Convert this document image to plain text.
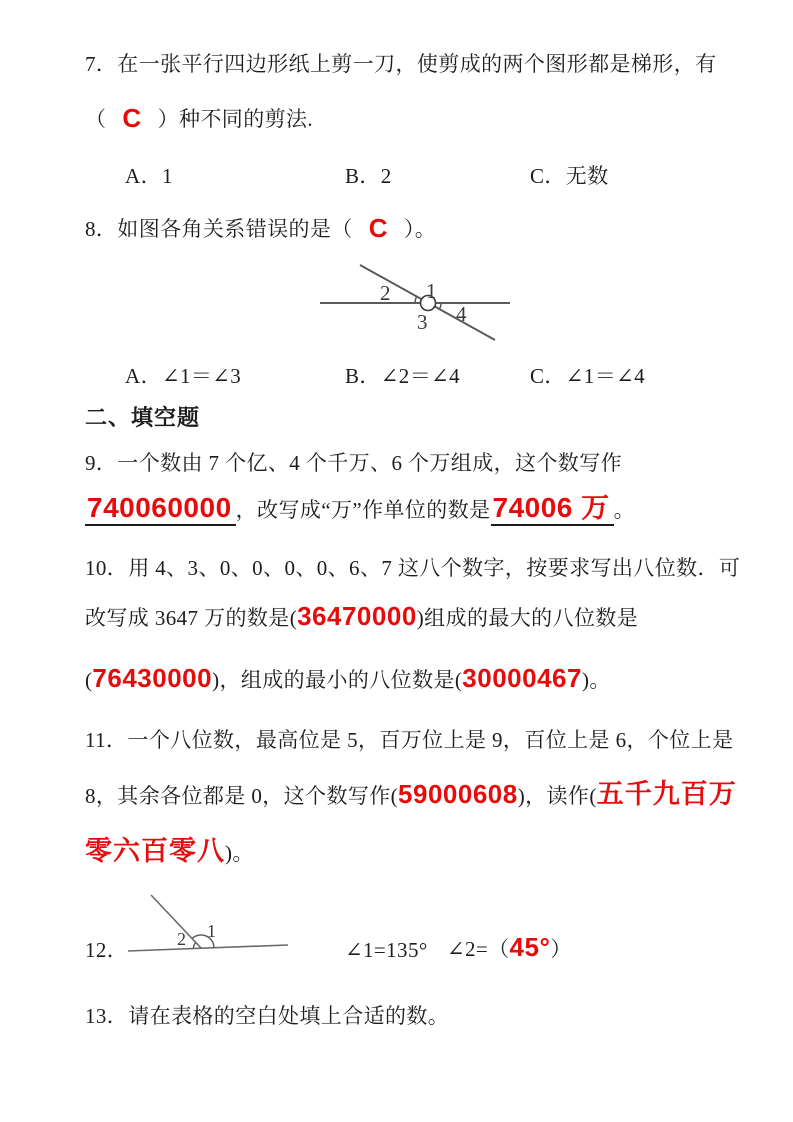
7．在一张平行四边形纸上剪一刀，使剪成的两个图形都是梯形，有
（ C ）种不同的剪法.
A．1	B．2	C．无数
8．如图各角关系错误的是（ C ）。
1
2
3 4
A．∠1＝∠3	B．∠2＝∠4	C．∠1＝∠4
二、填空题
9．一个数由 7 个亿、4 个千万、6 个万组成，这个数写作
740060000 ，改写成“万”作单位的数是74006 万 。
10．用 4、3、0、0、0、0、6、7 这八个数字，按要求写出八位数．可
改写成 3647 万的数是(36470000)组成的最大的八位数是
(76430000)，组成的最小的八位数是(30000467)。
11．一个八位数，最高位是 5，百万位上是 9，百位上是 6，个位上是
8，其余各位都是 0，这个数写作(59000608)，读作(五千九百万
零六百零八)。
12．	2 1
∠1=135° ∠2=（45°）
13．请在表格的空白处填上合适的数。
